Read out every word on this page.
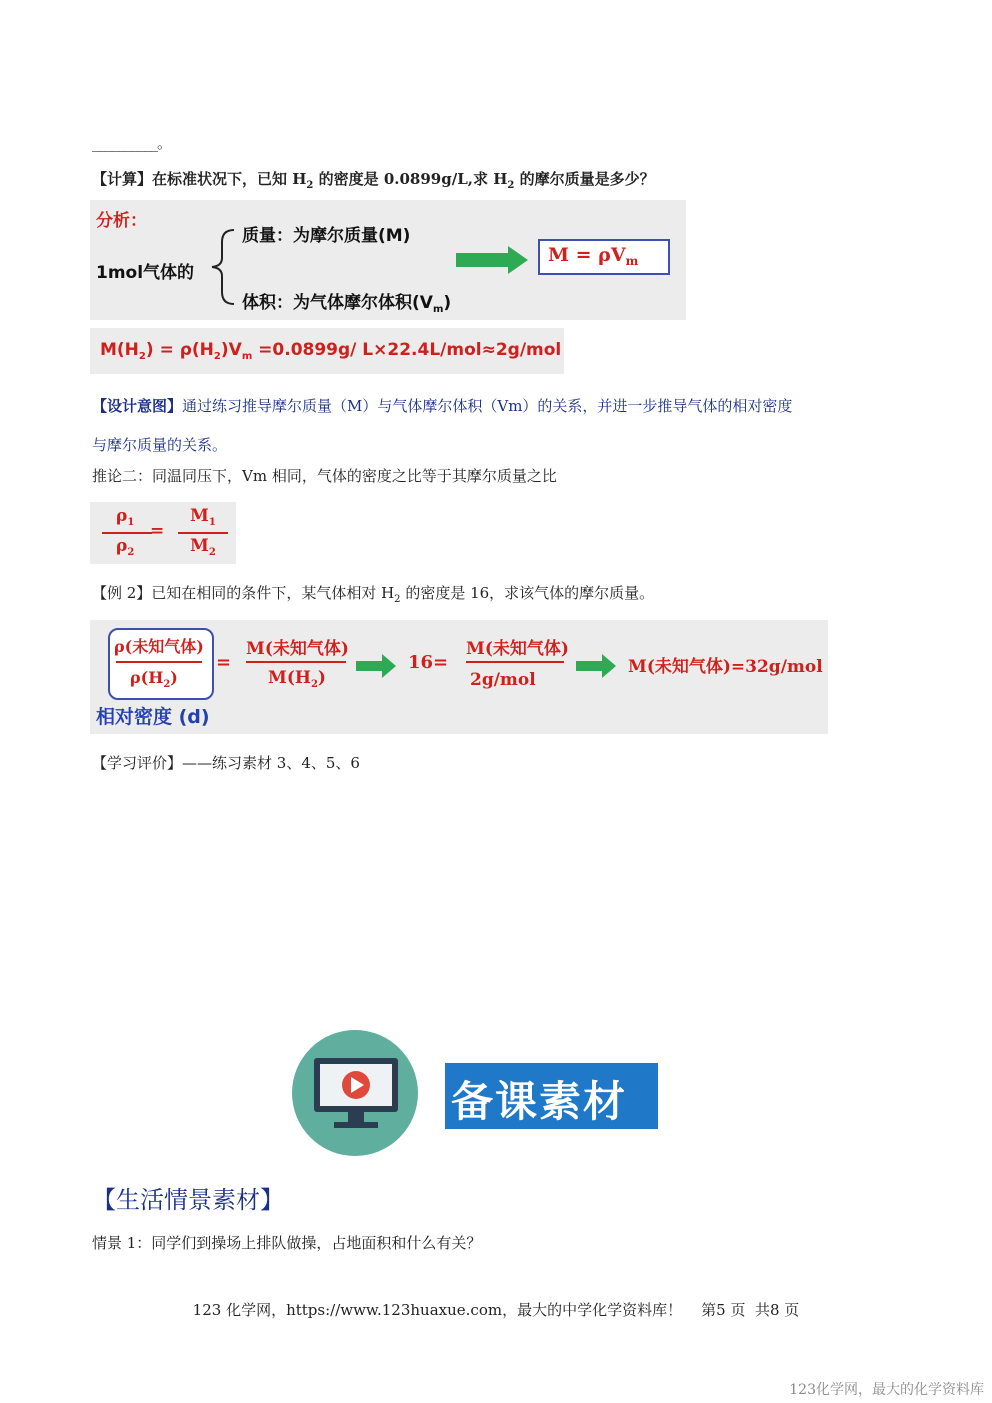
__________。
【计算】在标准状况下，已知 $H_2$ 的密度是 0.0899g/L,求 $H_2$ 的摩尔质量是多少？
分析：
1mol气体的
质量：为摩尔质量(M)
体积：为气体摩尔体积$(V_m)$
$M = \rho V_m$
$M(H_2) = \rho(H_2)V_m =0.0899g/$ L×22.4L/mol≈2g/mol
【设计意图】通过练习推导摩尔质量（M）与气体摩尔体积（Vm）的关系，并进一步推导气体的相对密度
与摩尔质量的关系。
推论二：同温同压下，Vm 相同，气体的密度之比等于其摩尔质量之比
$\rho_1$
$\rho_2$
=
$M_1$
$M_2$
【例 2】已知在相同的条件下，某气体相对 $H_2$ 的密度是 16，求该气体的摩尔质量。
ρ(未知气体)
$\rho(H_2)$
相对密度 (d)
=
M(未知气体)
$M(H_2)$
16=
M(未知气体)
2g/mol
M(未知气体)=32g/mol
【学习评价】——练习素材 3、4、5、6
备课素材
【生活情景素材】
情景 1：同学们到操场上排队做操，占地面积和什么有关？
123 化学网，https://www.123huaxue.com，最大的中学化学资料库！    第5 页  共8 页
123化学网，最大的化学资料库
